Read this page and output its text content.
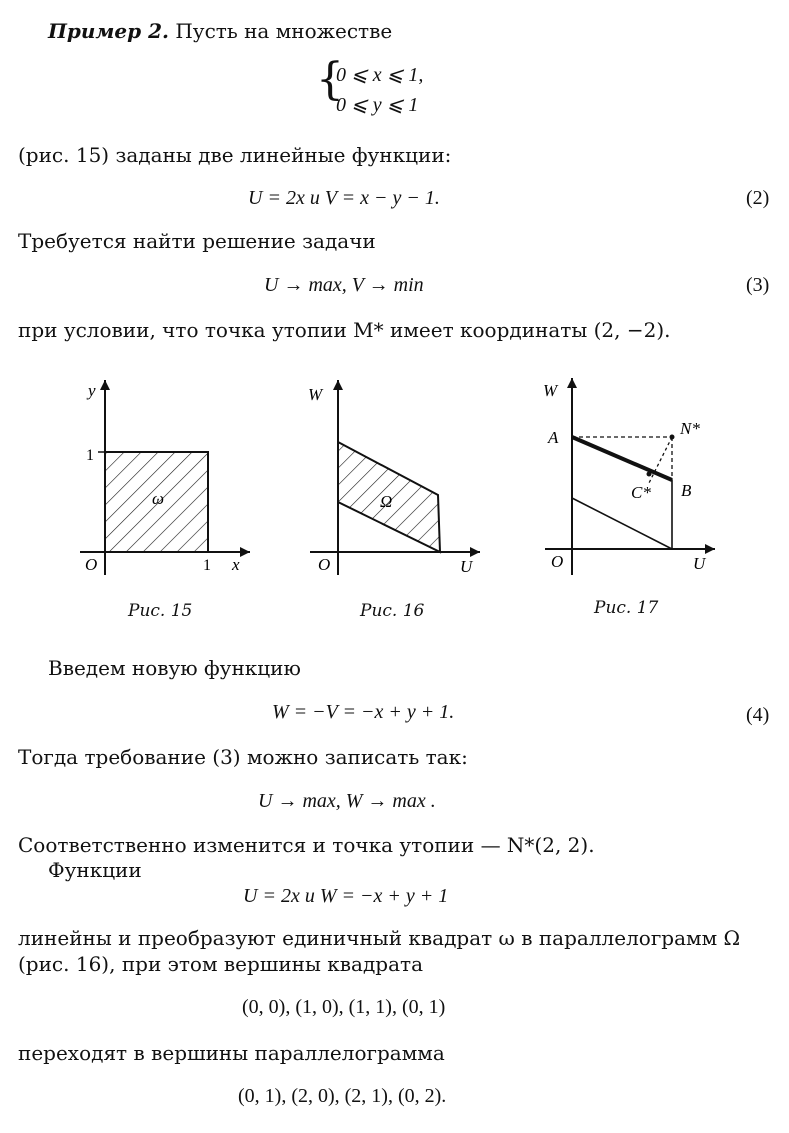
Пример 2. Пусть на множестве
{
0 ⩽ x ⩽ 1,
0 ⩽ y ⩽ 1
(рис. 15) заданы две линейные функции:
U = 2x и V = x − y − 1.	(2)
Требуется найти решение задачи
U → max, V → min	(3)
при условии, что точка утопии M* имеет координаты (2, −2).
y
1
O	1 x
ω
Рис. 15
W
O	U
Ω
Рис. 16
W
A	N*
B
C*
O	U
Рис. 17
Введем новую функцию
W = −V = −x + y + 1.	(4)
Тогда требование (3) можно записать так:
U → max, W → max .
Соответственно изменится и точка утопии — N*(2, 2).
Функции
U = 2x и W = −x + y + 1
линейны и преобразуют единичный квадрат ω в параллелограмм Ω
(рис. 16), при этом вершины квадрата
(0, 0), (1, 0), (1, 1), (0, 1)
переходят в вершины параллелограмма
(0, 1), (2, 0), (2, 1), (0, 2).
